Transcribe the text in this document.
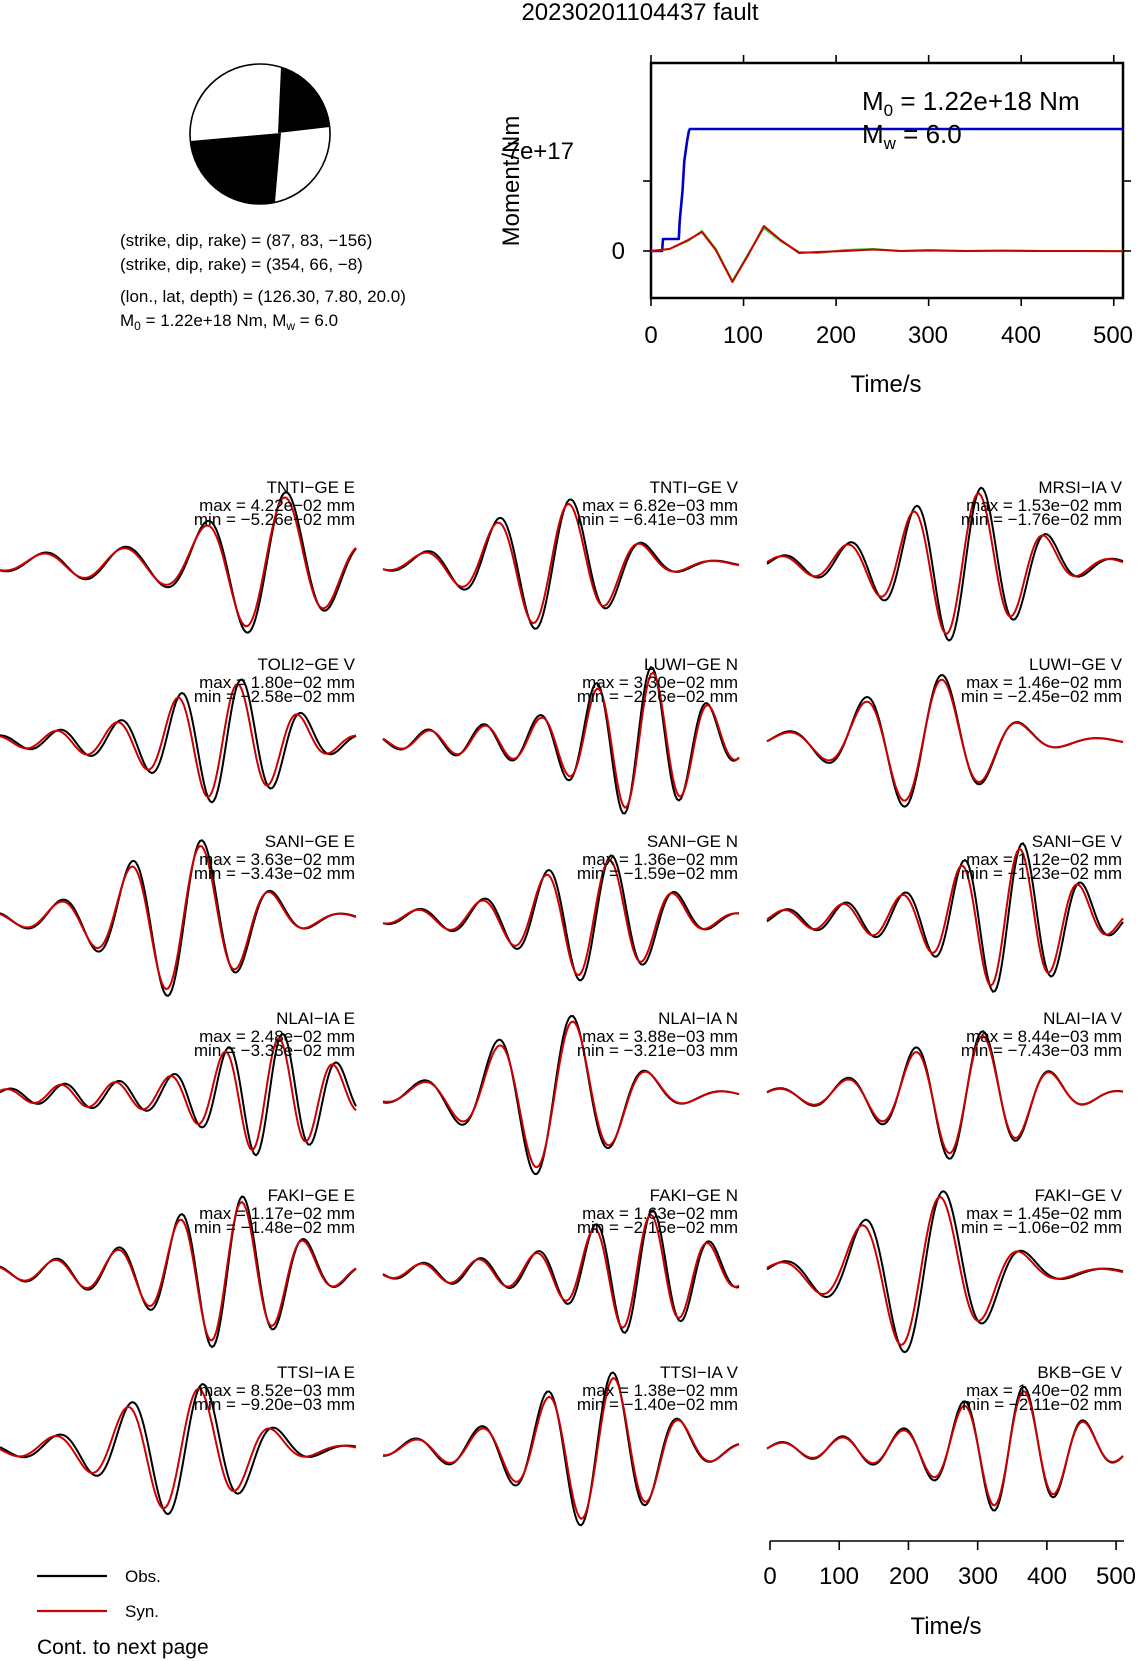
20230201104437 fault
(strike, dip, rake) = (87, 83, −156)
(strike, dip, rake) = (354, 66, −8)
(lon., lat, depth) = (126.30, 7.80, 20.0)
$M_0 = 1.22e+18$ Nm, $M_w = 6.0$
7e+17
0
Moment/Nm
0	100 200 300 400 500
Time/s
$M_0 = 1.22e+18$ Nm
$M_w = 6.0$
TNTI−GE E
max = 4.22e−02 mm
min = −5.26e−02 mm
TNTI−GE V
max = 6.82e−03 mm
min = −6.41e−03 mm
MRSI−IA V
max = 1.53e−02 mm
min = −1.76e−02 mm
TOLI2−GE V
max = 1.80e−02 mm
min = −2.58e−02 mm
LUWI−GE N
max = 3.30e−02 mm
min = −2.26e−02 mm
LUWI−GE V
max = 1.46e−02 mm
min = −2.45e−02 mm
SANI−GE E
max = 3.63e−02 mm
min = −3.43e−02 mm
SANI−GE N
max = 1.36e−02 mm
min = −1.59e−02 mm
SANI−GE V
max = 1.12e−02 mm
min = −1.23e−02 mm
NLAI−IA E
max = 2.48e−02 mm
min = −3.33e−02 mm
NLAI−IA N
max = 3.88e−03 mm
min = −3.21e−03 mm
NLAI−IA V
max = 8.44e−03 mm
min = −7.43e−03 mm
FAKI−GE E
max = 1.17e−02 mm
min = −1.48e−02 mm
FAKI−GE N
max = 1.63e−02 mm
min = −2.15e−02 mm
FAKI−GE V
max = 1.45e−02 mm
min = −1.06e−02 mm
TTSI−IA E
max = 8.52e−03 mm
min = −9.20e−03 mm
TTSI−IA V
max = 1.38e−02 mm
min = −1.40e−02 mm
BKB−GE V
max = 1.40e−02 mm
min = −2.11e−02 mm
0 100 200 300 400 500
Time/s
Obs.
Syn.
Cont. to next page
